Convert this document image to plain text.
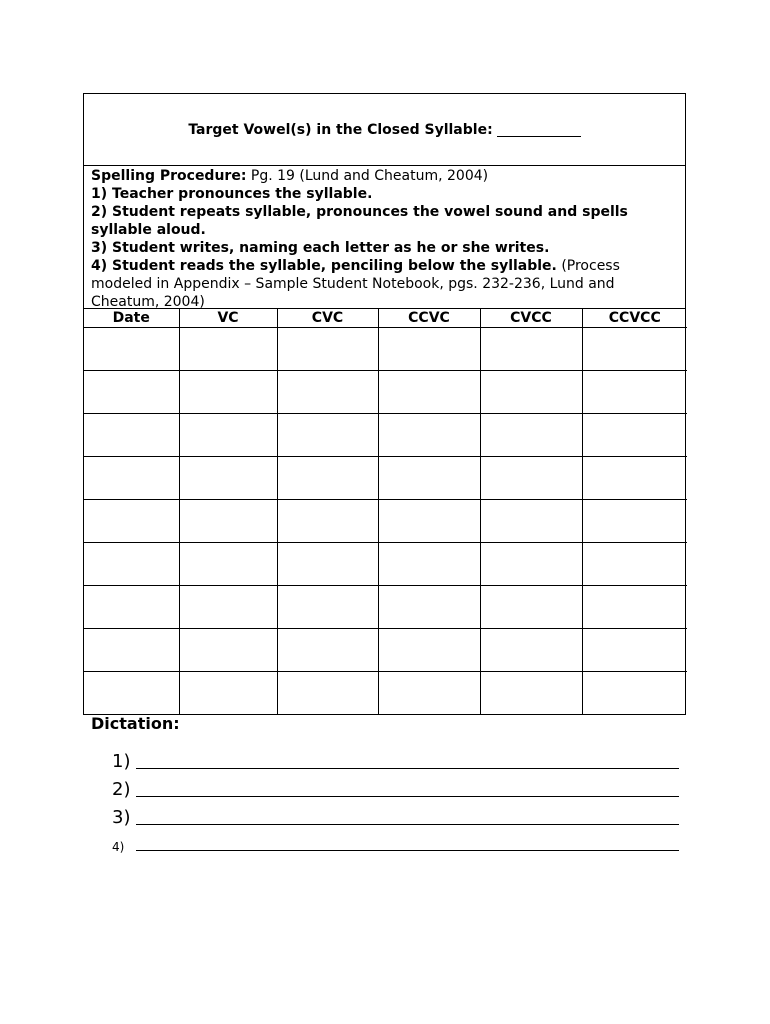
Target Vowel(s) in the Closed Syllable:
Spelling Procedure: Pg. 19 (Lund and Cheatum, 2004)
1) Teacher pronounces the syllable.
2) Student repeats syllable, pronounces the vowel sound and spells syllable aloud.
3) Student writes, naming each letter as he or she writes.
4) Student reads the syllable, penciling below the syllable. (Process modeled in Appendix – Sample Student Notebook, pgs. 232-236, Lund and Cheatum, 2004)
Date	VC	CVC	CCVC	CVCC	CCVCC

Dictation:
1)
2)
3)
4)
